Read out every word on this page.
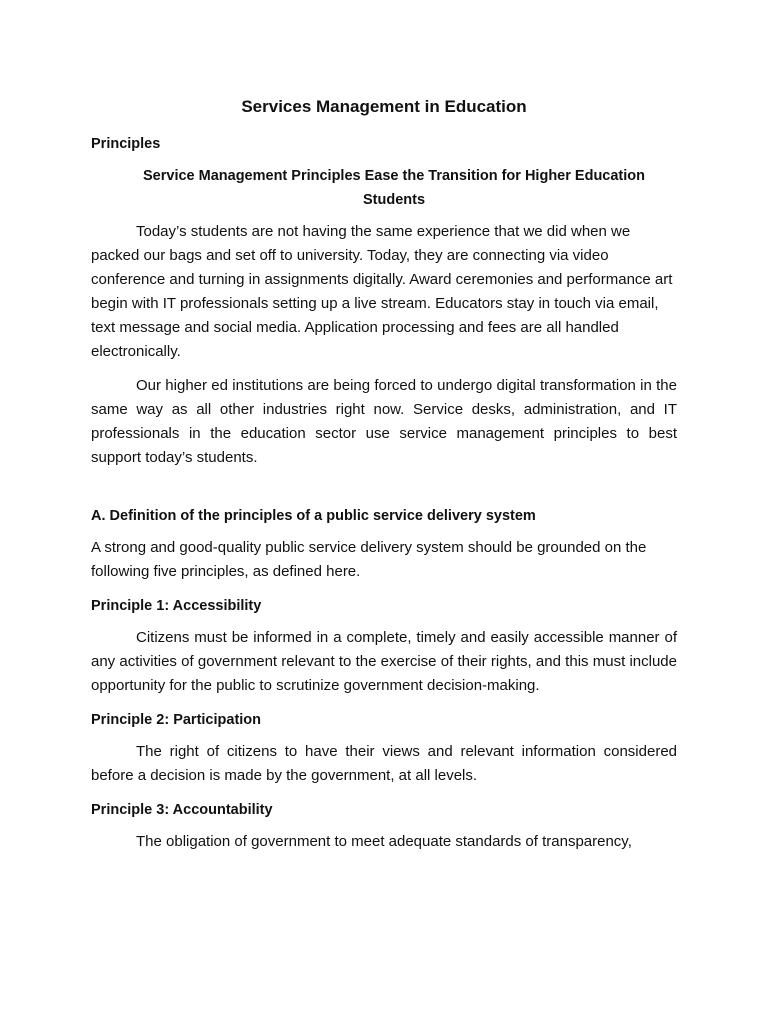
Services Management in Education
Principles
Service Management Principles Ease the Transition for Higher Education Students

Today’s students are not having the same experience that we did when we packed our bags and set off to university. Today, they are connecting via video conference and turning in assignments digitally. Award ceremonies and performance art begin with IT professionals setting up a live stream. Educators stay in touch via email, text message and social media. Application processing and fees are all handled electronically.

Our higher ed institutions are being forced to undergo digital transformation in the same way as all other industries right now. Service desks, administration, and IT professionals in the education sector use service management principles to best support today’s students.

A. Definition of the principles of a public service delivery system

A strong and good-quality public service delivery system should be grounded on the following five principles, as defined here.

Principle 1: Accessibility

Citizens must be informed in a complete, timely and easily accessible manner of any activities of government relevant to the exercise of their rights, and this must include opportunity for the public to scrutinize government decision-making.

Principle 2: Participation

The right of citizens to have their views and relevant information considered before a decision is made by the government, at all levels.

Principle 3: Accountability

The obligation of government to meet adequate standards of transparency,
